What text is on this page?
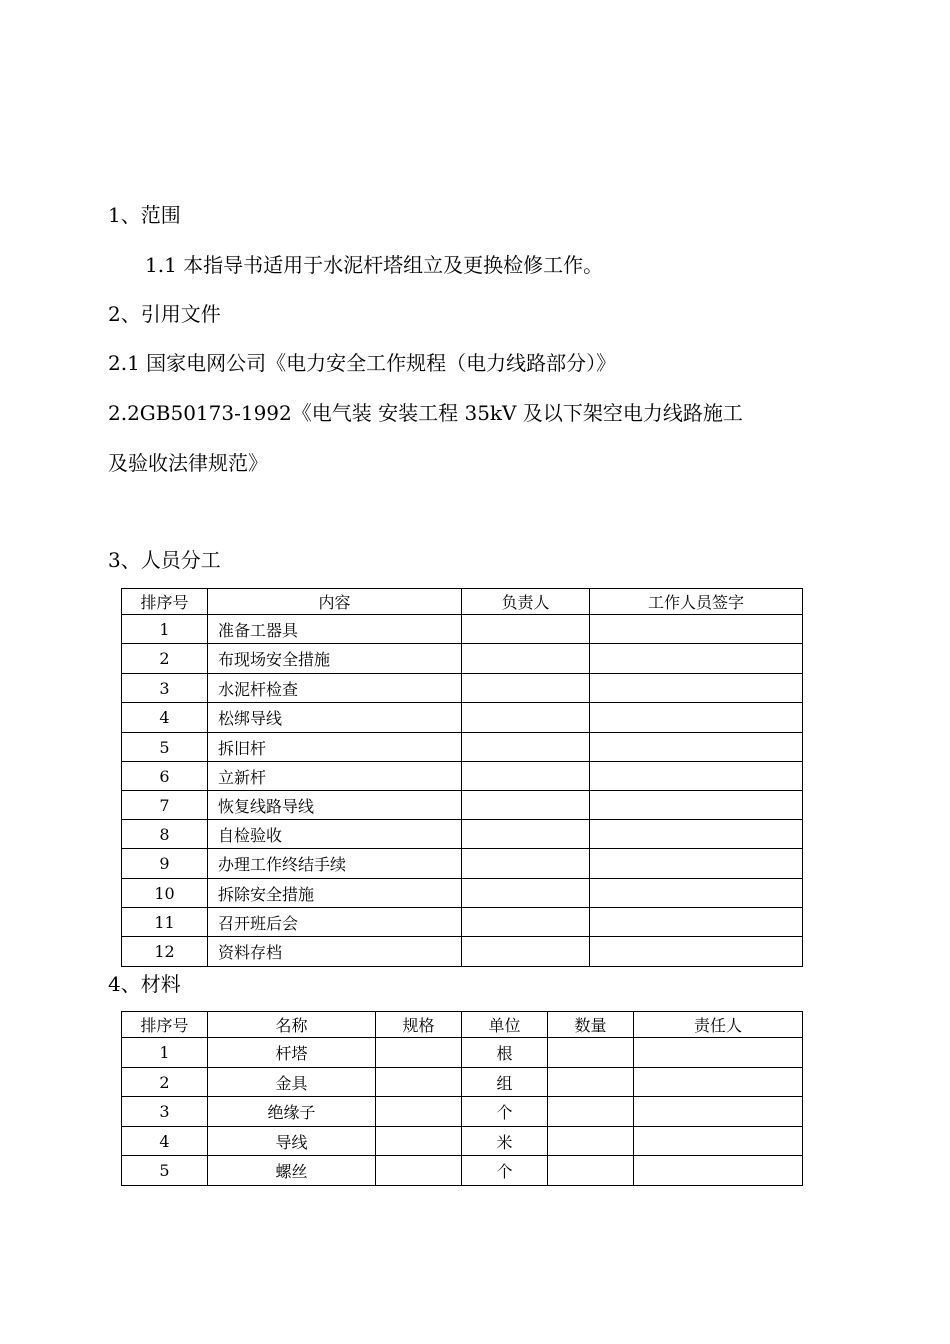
1、范围
1.1 本指导书适用于水泥杆塔组立及更换检修工作。
2、引用文件
2.1 国家电网公司《电力安全工作规程（电力线路部分）》
2.2GB50173-1992《电气装 安装工程 35kV 及以下架空电力线路施工
及验收法律规范》
3、人员分工
排序号	内容	负责人	工作人员签字
1	准备工器具		
2	布现场安全措施		
3	水泥杆检查		
4	松绑导线		
5	拆旧杆		
6	立新杆		
7	恢复线路导线		
8	自检验收		
9	办理工作终结手续		
10	拆除安全措施		
11	召开班后会		
12	资料存档		
4、材料
排序号	名称	规格	单位	数量	责任人
1	杆塔		根		
2	金具		组		
3	绝缘子		个		
4	导线		米		
5	螺丝		个		
